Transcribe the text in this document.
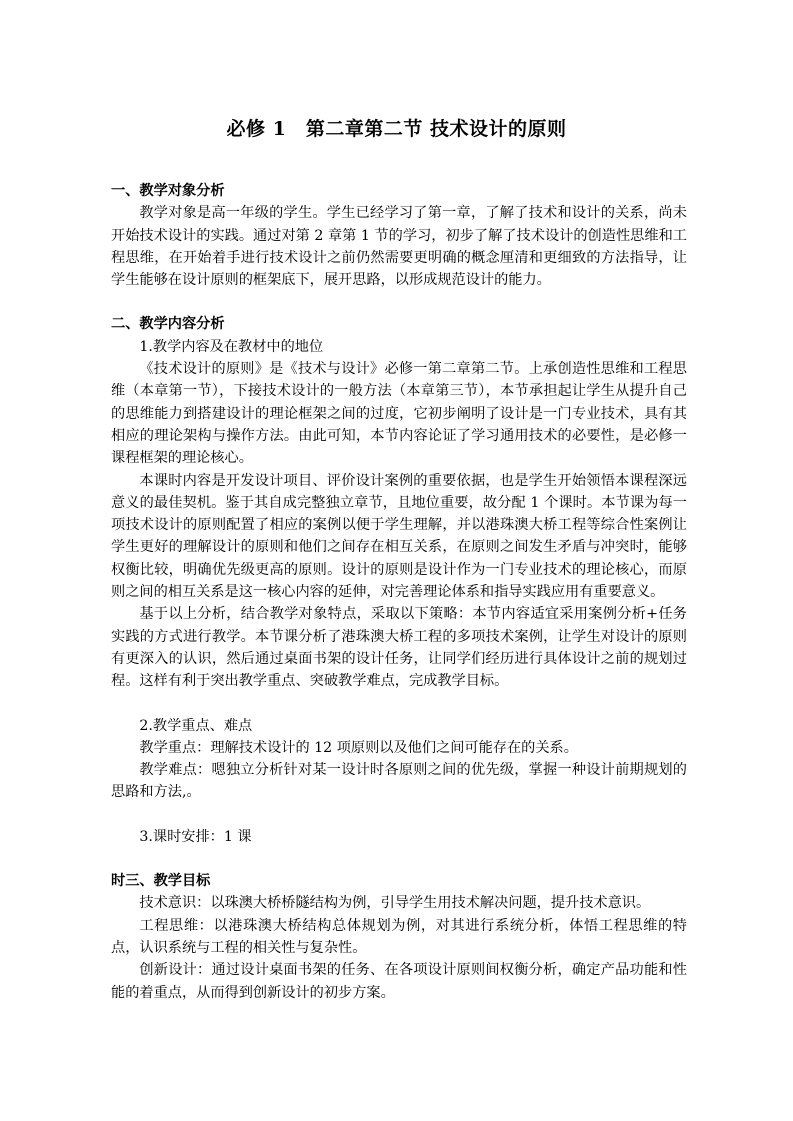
必修 1　第二章第二节 技术设计的原则
一、教学对象分析
教学对象是高一年级的学生。学生已经学习了第一章，了解了技术和设计的关系，尚未开始技术设计的实践。通过对第 2 章第 1 节的学习，初步了解了技术设计的创造性思维和工程思维，在开始着手进行技术设计之前仍然需要更明确的概念厘清和更细致的方法指导，让学生能够在设计原则的框架底下，展开思路，以形成规范设计的能力。
二、教学内容分析
1.教学内容及在教材中的地位
《技术设计的原则》是《技术与设计》必修一第二章第二节。上承创造性思维和工程思维（本章第一节），下接技术设计的一般方法（本章第三节），本节承担起让学生从提升自己的思维能力到搭建设计的理论框架之间的过度，它初步阐明了设计是一门专业技术，具有其相应的理论架构与操作方法。由此可知，本节内容论证了学习通用技术的必要性，是必修一课程框架的理论核心。
本课时内容是开发设计项目、评价设计案例的重要依据，也是学生开始领悟本课程深远意义的最佳契机。鉴于其自成完整独立章节，且地位重要，故分配 1 个课时。本节课为每一项技术设计的原则配置了相应的案例以便于学生理解，并以港珠澳大桥工程等综合性案例让学生更好的理解设计的原则和他们之间存在相互关系，在原则之间发生矛盾与冲突时，能够权衡比较，明确优先级更高的原则。设计的原则是设计作为一门专业技术的理论核心，而原则之间的相互关系是这一核心内容的延伸，对完善理论体系和指导实践应用有重要意义。
基于以上分析，结合教学对象特点，采取以下策略：本节内容适宜采用案例分析+任务实践的方式进行教学。本节课分析了港珠澳大桥工程的多项技术案例，让学生对设计的原则有更深入的认识，然后通过桌面书架的设计任务，让同学们经历进行具体设计之前的规划过程。这样有利于突出教学重点、突破教学难点，完成教学目标。
2.教学重点、难点
教学重点：理解技术设计的 12 项原则以及他们之间可能存在的关系。
教学难点：嗯独立分析针对某一设计时各原则之间的优先级，掌握一种设计前期规划的思路和方法,。
3.课时安排：1 课
时三、教学目标
技术意识：以珠澳大桥桥隧结构为例，引导学生用技术解决问题，提升技术意识。
工程思维：以港珠澳大桥结构总体规划为例，对其进行系统分析，体悟工程思维的特点，认识系统与工程的相关性与复杂性。
创新设计：通过设计桌面书架的任务、在各项设计原则间权衡分析，确定产品功能和性能的着重点，从而得到创新设计的初步方案。
